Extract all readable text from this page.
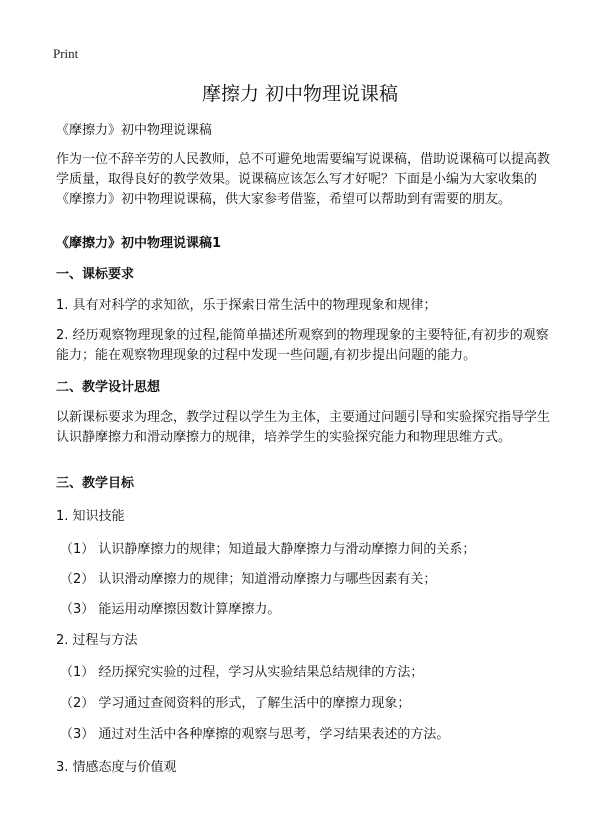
Print
摩擦力 初中物理说课稿

《摩擦力》初中物理说课稿

作为一位不辞辛劳的人民教师，总不可避免地需要编写说课稿，借助说课稿可以提高教学质量，取得良好的教学效果。说课稿应该怎么写才好呢？下面是小编为大家收集的《摩擦力》初中物理说课稿，供大家参考借鉴，希望可以帮助到有需要的朋友。

《摩擦力》初中物理说课稿1

一、课标要求

1. 具有对科学的求知欲，乐于探索日常生活中的物理现象和规律；

2. 经历观察物理现象的过程,能简单描述所观察到的物理现象的主要特征,有初步的观察能力；能在观察物理现象的过程中发现一些问题,有初步提出问题的能力。

二、教学设计思想

以新课标要求为理念，教学过程以学生为主体，主要通过问题引导和实验探究指导学生认识静摩擦力和滑动摩擦力的规律，培养学生的实验探究能力和物理思维方式。

三、教学目标

1. 知识技能

（1） 认识静摩擦力的规律；知道最大静摩擦力与滑动摩擦力间的关系；

（2） 认识滑动摩擦力的规律；知道滑动摩擦力与哪些因素有关；

（3） 能运用动摩擦因数计算摩擦力。

2. 过程与方法

（1） 经历探究实验的过程，学习从实验结果总结规律的方法；

（2） 学习通过查阅资料的形式，了解生活中的摩擦力现象；

（3） 通过对生活中各种摩擦的观察与思考，学习结果表述的方法。

3. 情感态度与价值观
